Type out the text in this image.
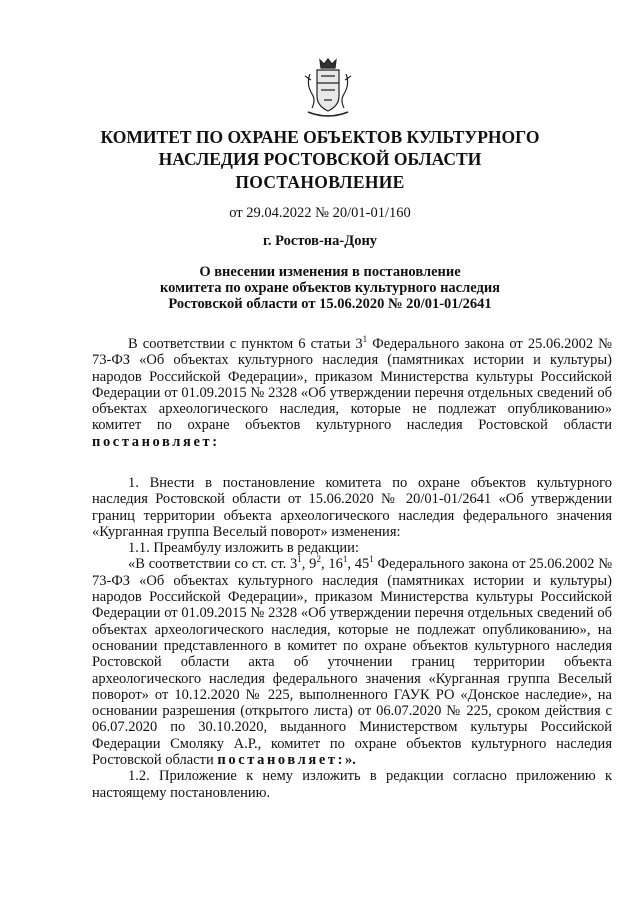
КОМИТЕТ ПО ОХРАНЕ ОБЪЕКТОВ КУЛЬТУРНОГО
НАСЛЕДИЯ РОСТОВСКОЙ ОБЛАСТИ
ПОСТАНОВЛЕНИЕ
от 29.04.2022 № 20/01-01/160
г. Ростов-на-Дону
О внесении изменения в постановление
комитета по охране объектов культурного наследия
Ростовской области от 15.06.2020 № 20/01-01/2641

В соответствии с пунктом 6 статьи $3^1$ Федерального закона от 25.06.2002 № 73-ФЗ «Об объектах культурного наследия (памятниках истории и культуры) народов Российской Федерации», приказом Министерства культуры Российской Федерации от 01.09.2015 № 2328 «Об утверждении перечня отдельных сведений об объектах археологического наследия, которые не подлежат опубликованию» комитет по охране объектов культурного наследия Ростовской области постановляет:

1. Внести в постановление комитета по охране объектов культурного наследия Ростовской области от 15.06.2020 № 20/01-01/2641 «Об утверждении границ территории объекта археологического наследия федерального значения «Курганная группа Веселый поворот» изменения:

1.1. Преамбулу изложить в редакции:

«В соответствии со ст. ст. $3^1$, $9^2$, $16^1$, $45^1$ Федерального закона от 25.06.2002 № 73-ФЗ «Об объектах культурного наследия (памятниках истории и культуры) народов Российской Федерации», приказом Министерства культуры Российской Федерации от 01.09.2015 № 2328 «Об утверждении перечня отдельных сведений об объектах археологического наследия, которые не подлежат опубликованию», на основании представленного в комитет по охране объектов культурного наследия Ростовской области акта об уточнении границ территории объекта археологического наследия федерального значения «Курганная группа Веселый поворот» от 10.12.2020 № 225, выполненного ГАУК РО «Донское наследие», на основании разрешения (открытого листа) от 06.07.2020 № 225, сроком действия с 06.07.2020 по 30.10.2020, выданного Министерством культуры Российской Федерации Смоляку А.Р., комитет по охране объектов культурного наследия Ростовской области постановляет:».

1.2. Приложение к нему изложить в редакции согласно приложению к настоящему постановлению.
